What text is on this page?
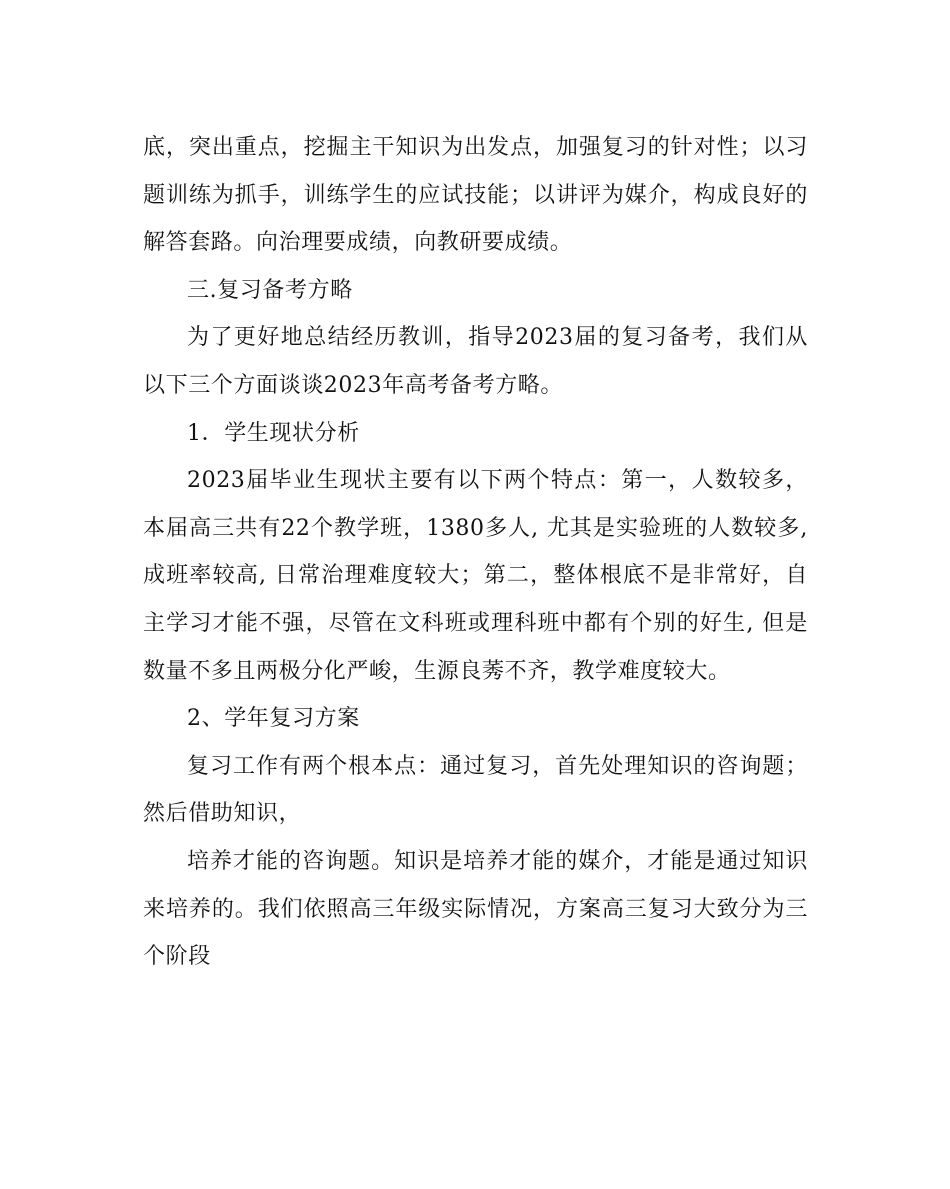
底，突出重点，挖掘主干知识为出发点，加强复习的针对性；以习题训练为抓手，训练学生的应试技能；以讲评为媒介，构成良好的解答套路。向治理要成绩，向教研要成绩。

三.复习备考方略

为了更好地总结经历教训，指导2023届的复习备考，我们从以下三个方面谈谈2023年高考备考方略。

1．学生现状分析

2023届毕业生现状主要有以下两个特点：第一，人数较多，本届高三共有22个教学班，1380多人, 尤其是实验班的人数较多,成班率较高, 日常治理难度较大；第二，整体根底不是非常好，自主学习才能不强，尽管在文科班或理科班中都有个别的好生, 但是数量不多且两极分化严峻，生源良莠不齐，教学难度较大。

2、学年复习方案

复习工作有两个根本点：通过复习，首先处理知识的咨询题；然后借助知识，

培养才能的咨询题。知识是培养才能的媒介，才能是通过知识来培养的。我们依照高三年级实际情况，方案高三复习大致分为三个阶段
